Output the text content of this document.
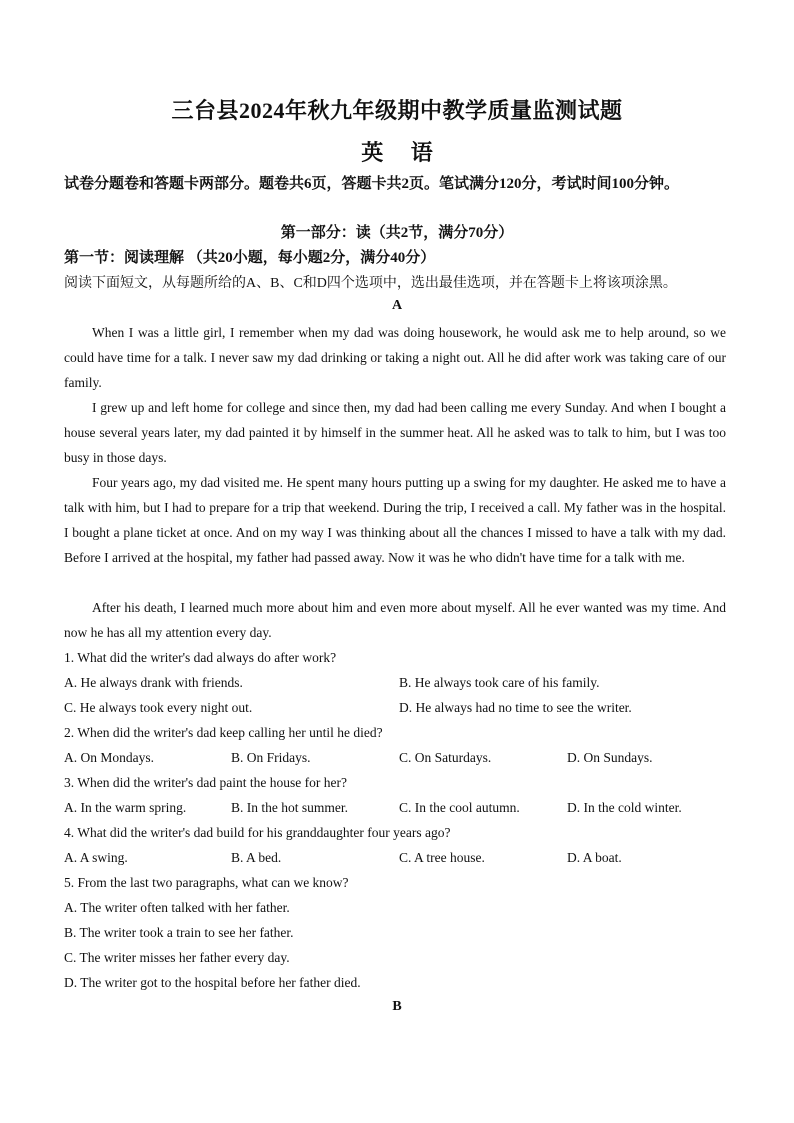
三台县2024年秋九年级期中教学质量监测试题
英 语
试卷分题卷和答题卡两部分。题卷共6页，答题卡共2页。笔试满分120分，考试时间100分钟。
第一部分：读（共2节，满分70分）
第一节：阅读理解 （共20小题，每小题2分，满分40分）
阅读下面短文，从每题所给的A、B、C和D四个选项中，选出最佳选项，并在答题卡上将该项涂黑。
A

When I was a little girl, I remember when my dad was doing housework, he would ask me to help around, so we could have time for a talk. I never saw my dad drinking or taking a night out. All he did after work was taking care of our family.

I grew up and left home for college and since then, my dad had been calling me every Sunday. And when I bought a house several years later, my dad painted it by himself in the summer heat. All he asked was to talk to him, but I was too busy in those days.

Four years ago, my dad visited me. He spent many hours putting up a swing for my daughter. He asked me to have a talk with him, but I had to prepare for a trip that weekend. During the trip, I received a call. My father was in the hospital. I bought a plane ticket at once. And on my way I was thinking about all the chances I missed to have a talk with my dad. Before I arrived at the hospital, my father had passed away. Now it was he who didn't have time for a talk with me.

After his death, I learned much more about him and even more about myself. All he ever wanted was my time. And now he has all my attention every day.

1. What did the writer's dad always do after work?
A. He always drank with friends.	B. He always took care of his family.
C. He always took every night out.	D. He always had no time to see the writer.
2. When did the writer's dad keep calling her until he died?
A. On Mondays.	B. On Fridays.	C. On Saturdays.	D. On Sundays.
3. When did the writer's dad paint the house for her?
A. In the warm spring.	B. In the hot summer.	C. In the cool autumn.	D. In the cold winter.
4. What did the writer's dad build for his granddaughter four years ago?
A. A swing.	B. A bed.	C. A tree house.	D. A boat.
5. From the last two paragraphs, what can we know?
A. The writer often talked with her father.
B. The writer took a train to see her father.
C. The writer misses her father every day.
D. The writer got to the hospital before her father died.
B
